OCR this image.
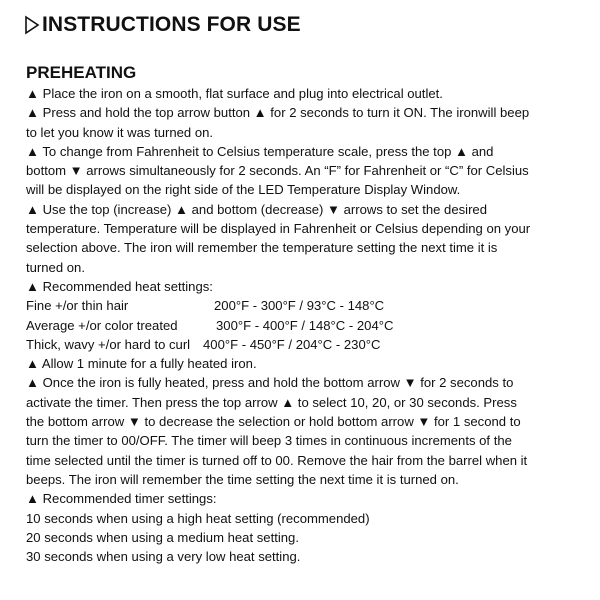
INSTRUCTIONS FOR USE
PREHEATING
▲ Place the iron on a smooth, flat surface and plug into electrical outlet.
▲ Press and hold the top arrow button ▲ for 2 seconds to turn it ON. The ironwill beep
to let you know it was turned on.
▲ To change from Fahrenheit to Celsius temperature scale, press the top ▲ and
bottom ▼ arrows simultaneously for 2 seconds. An “F” for Fahrenheit or “C” for Celsius
will be displayed on the right side of the LED Temperature Display Window.
▲ Use the top (increase) ▲ and bottom (decrease) ▼ arrows to set the desired
temperature. Temperature will be displayed in Fahrenheit or Celsius depending on your
selection above. The iron will remember the temperature setting the next time it is
turned on.
▲ Recommended heat settings:
Fine +/or thin hair	200°F - 300°F / 93°C - 148°C
Average +/or color treated	300°F - 400°F / 148°C - 204°C
Thick, wavy +/or hard to curl 400°F - 450°F / 204°C - 230°C
▲ Allow 1 minute for a fully heated iron.
▲ Once the iron is fully heated, press and hold the bottom arrow ▼ for 2 seconds to
activate the timer. Then press the top arrow ▲ to select 10, 20, or 30 seconds. Press
the bottom arrow ▼ to decrease the selection or hold bottom arrow ▼ for 1 second to
turn the timer to 00/OFF. The timer will beep 3 times in continuous increments of the
time selected until the timer is turned off to 00. Remove the hair from the barrel when it
beeps. The iron will remember the time setting the next time it is turned on.
▲ Recommended timer settings:
10 seconds when using a high heat setting (recommended)
20 seconds when using a medium heat setting.
30 seconds when using a very low heat setting.
